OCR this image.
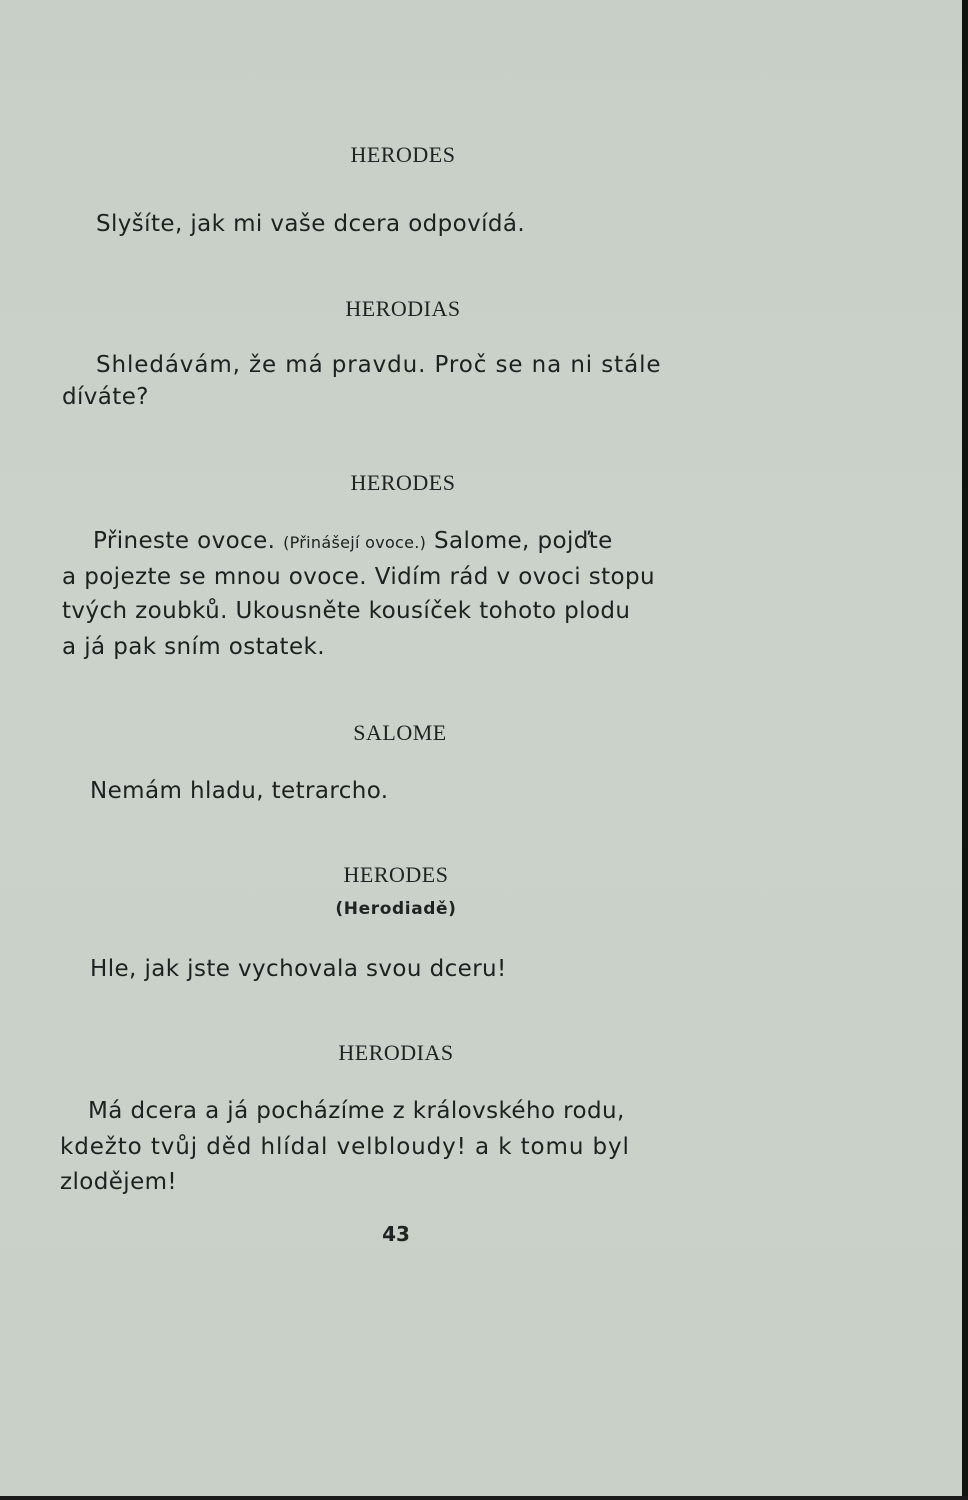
HERODES
Slyšíte, jak mi vaše dcera odpovídá.
HERODIAS
Shledávám, že má pravdu. Proč se na ni stále
díváte?
HERODES
Přineste ovoce. (Přinášejí ovoce.) Salome, pojďte
a pojezte se mnou ovoce. Vidím rád v ovoci stopu
tvých zoubků. Ukousněte kousíček tohoto plodu
a já pak sním ostatek.
SALOME
Nemám hladu, tetrarcho.
HERODES
(Herodiadě)
Hle, jak jste vychovala svou dceru!
HERODIAS
Má dcera a já pocházíme z královského rodu,
kdežto tvůj děd hlídal velbloudy! a k tomu byl
zlodějem!
43
